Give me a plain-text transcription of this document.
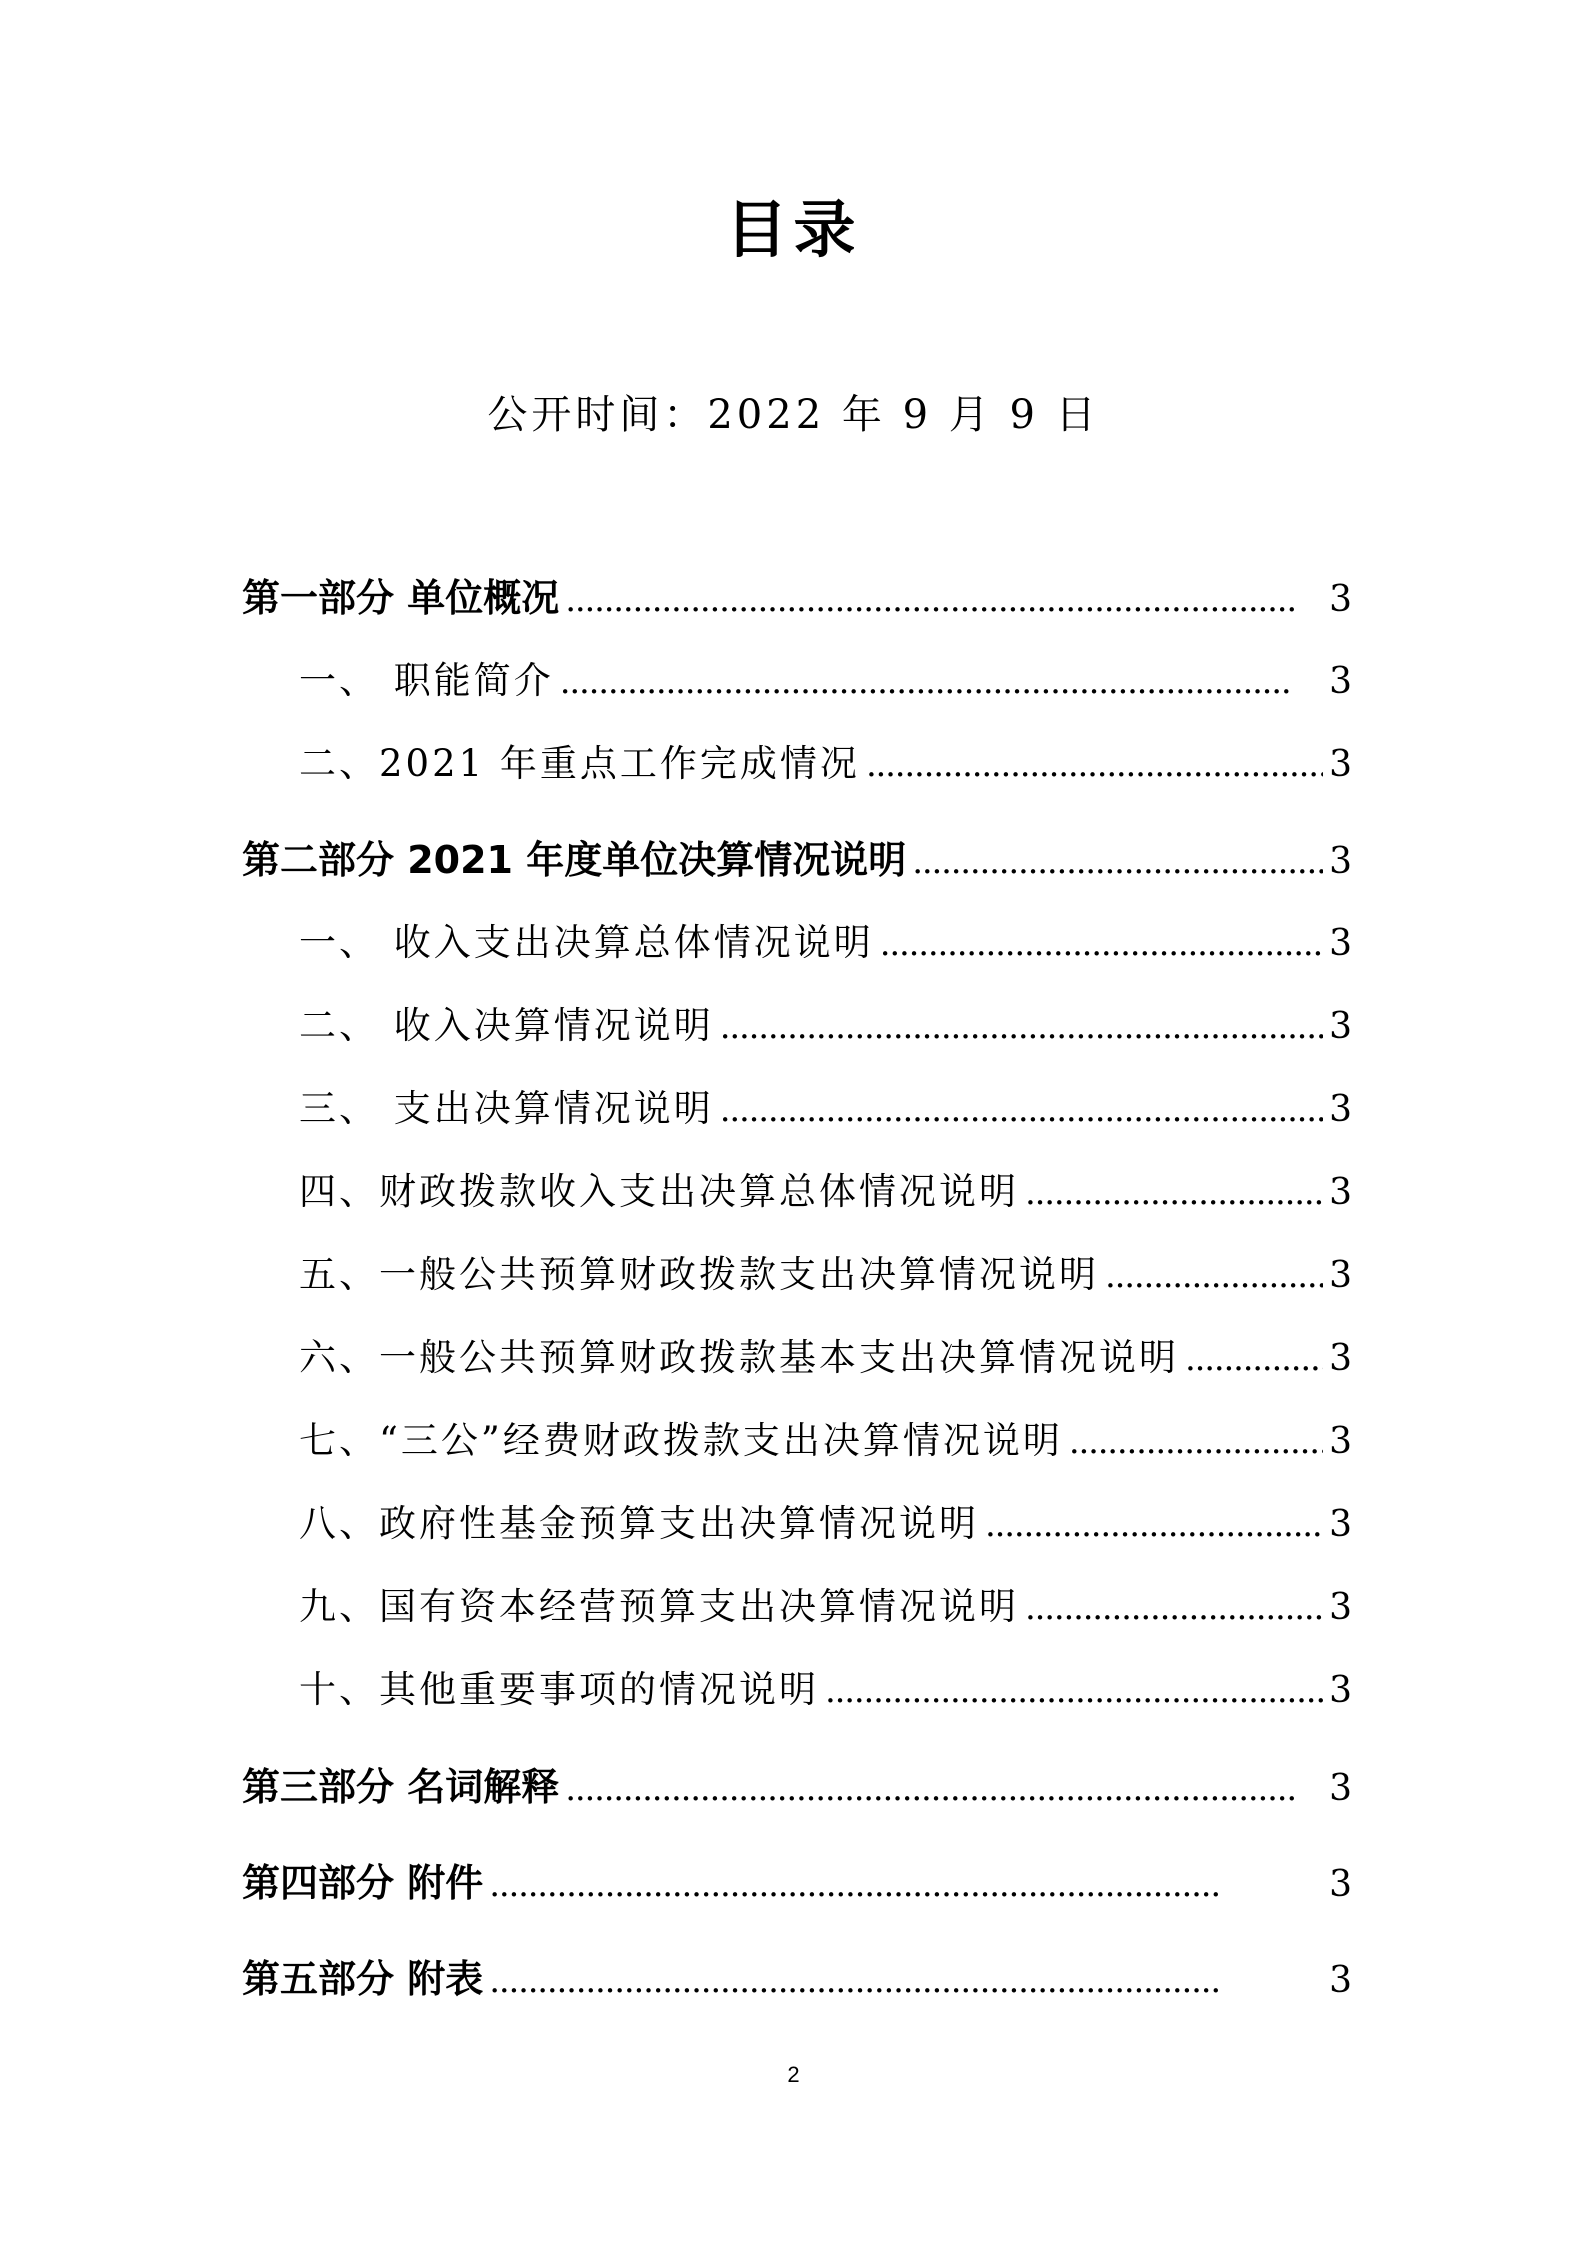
目录
公开时间：2022 年 9 月 9 日
第一部分 单位概况 . . .	3
一、 职能简介 . . .	3
二、2021 年重点工作完成情况 . . .	3
第二部分 2021 年度单位决算情况说明 . . .	3
一、 收入支出决算总体情况说明 . . .	3
二、 收入决算情况说明 . . .	3
三、 支出决算情况说明 . . .	3
四、财政拨款收入支出决算总体情况说明 . . .	3
五、一般公共预算财政拨款支出决算情况说明 . . .	3
六、一般公共预算财政拨款基本支出决算情况说明 . . .	3
七、“三公”经费财政拨款支出决算情况说明 . . .	3
八、政府性基金预算支出决算情况说明 . . .	3
九、国有资本经营预算支出决算情况说明 . . .	3
十、其他重要事项的情况说明 . . .	3
第三部分 名词解释 . . .	3
第四部分 附件 . . .	3
第五部分 附表 . . .	3
2
